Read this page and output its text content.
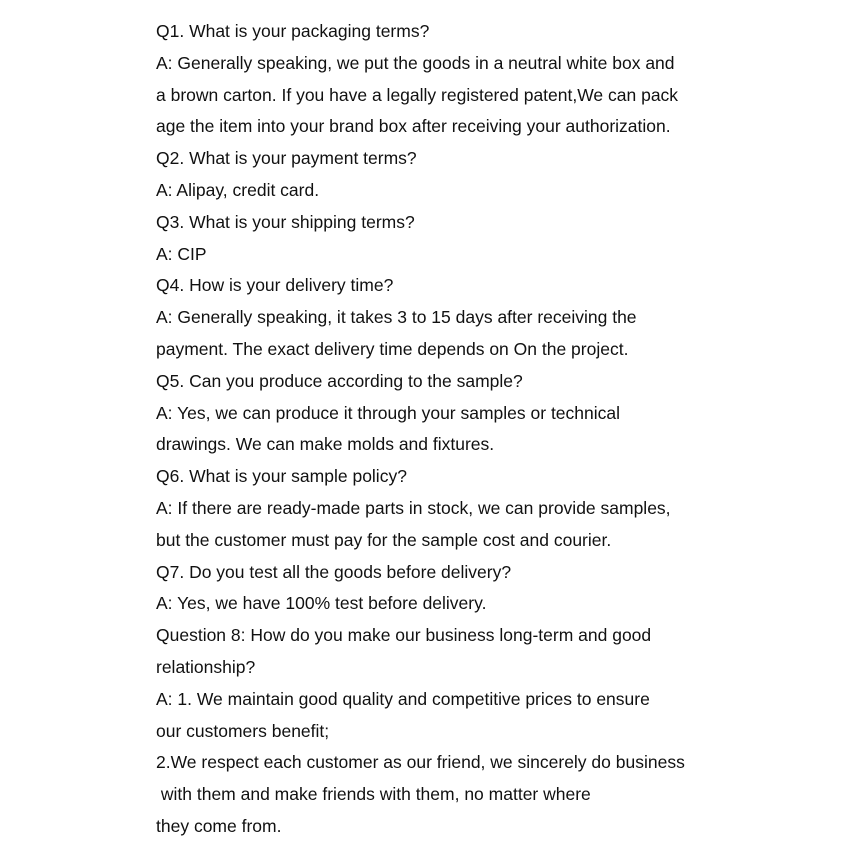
Q1. What is your packaging terms?

A: Generally speaking, we put the goods in a neutral white box and

a brown carton. If you have a legally registered patent,We can pack

age the item into your brand box after receiving your authorization.

Q2. What is your payment terms?

A: Alipay, credit card.

Q3. What is your shipping terms?

A: CIP

Q4. How is your delivery time?

A: Generally speaking, it takes 3 to 15 days after receiving the

payment. The exact delivery time depends on On the project.

Q5. Can you produce according to the sample?

A: Yes, we can produce it through your samples or technical

drawings. We can make molds and fixtures.

Q6. What is your sample policy?

A: If there are ready-made parts in stock, we can provide samples,

but the customer must pay for the sample cost and courier.

Q7. Do you test all the goods before delivery?

A: Yes, we have 100% test before delivery.

Question 8: How do you make our business long-term and good

relationship?

A: 1. We maintain good quality and competitive prices to ensure

our customers benefit;

2.We respect each customer as our friend, we sincerely do business

with them and make friends with them, no matter where

they come from.
